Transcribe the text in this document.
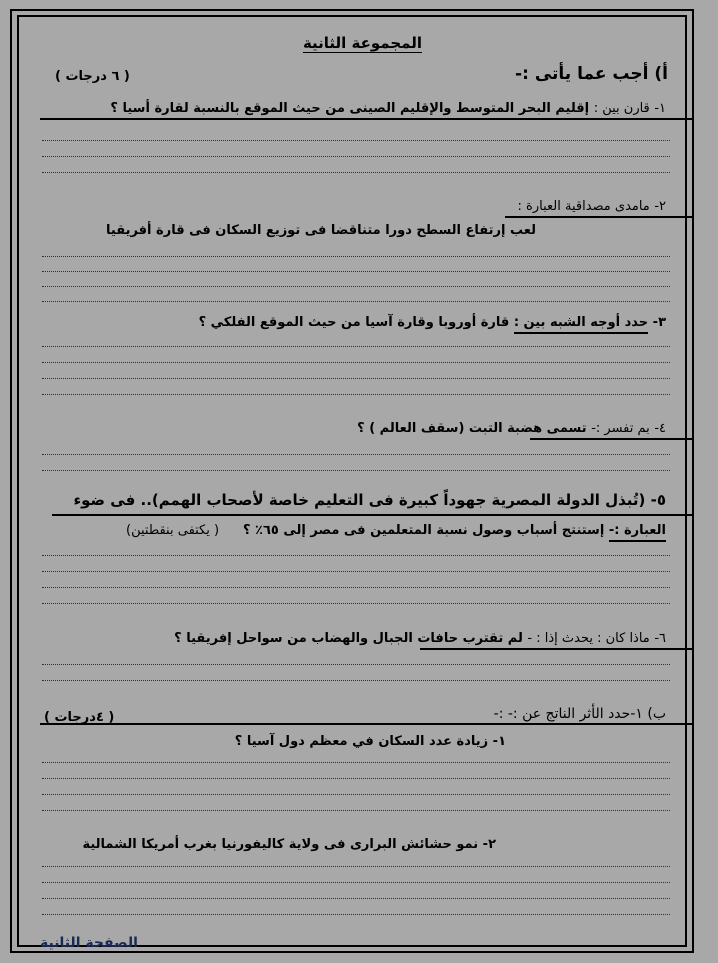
المجموعة الثانية
أ) أجب عما يأتى :-
( ٦ درجات )
١- قارن بين : إقليم البحر المتوسط والإقليم الصينى من حيث الموقع بالنسبة لقارة أسيا ؟
٢- مامدى مصداقية العبارة :
لعب إرتفاع السطح دورا متناقضا فى توزيع السكان فى قارة أفريقيا
٣- حدد أوجه الشبه بين : قارة أوروبا وقارة آسيا من حيث الموقع الفلكي ؟
٤- بم تفسر :- تسمى هضبة التبت (سقف العالم ) ؟
٥- (تُبذل الدولة المصرية جهوداً كبيرة فى التعليم خاصة لأصحاب الهمم).. فى ضوء
العبارة :- إستنتج أسباب وصول نسبة المتعلمين فى مصر إلى ٦٥٪ ؟
( يكتفى بنقطتين)
٦- ماذا كان : يحدث إذا : - لم تقترب حافات الجبال والهضاب من سواحل إفريقيا ؟
ب) ١-حدد الأثر الناتج عن :- :-
( ٤درجات )
١- زيادة عدد السكان في معظم دول آسيا ؟
٢- نمو حشائش البرارى فى ولاية كاليفورنيا بغرب أمريكا الشمالية
الصفحة الثانية
